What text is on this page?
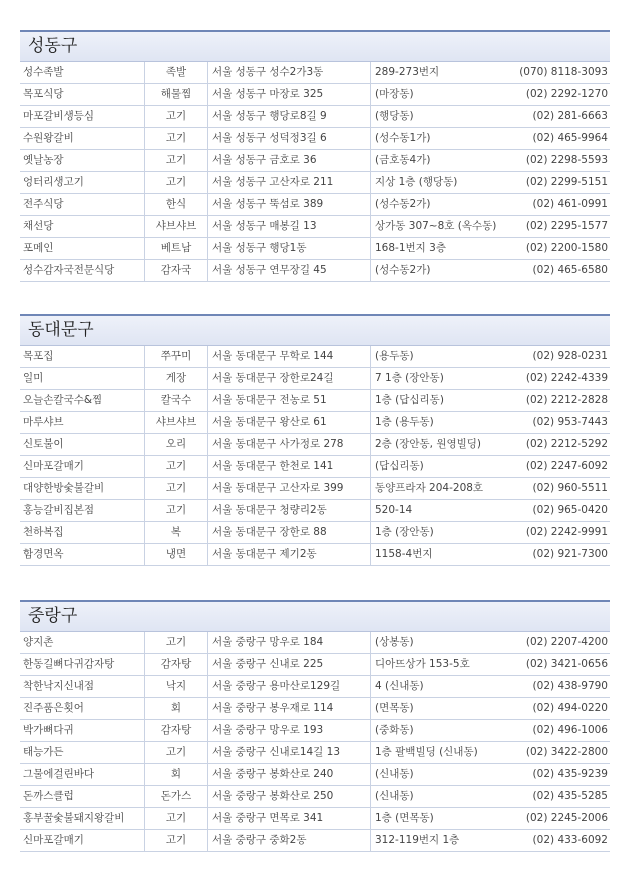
성동구
성수족발	족발	서울 성동구 성수2가3동	289-273번지	(070) 8118-3093
목포식당	해물찜	서울 성동구 마장로 325	(마장동)	(02) 2292-1270
마포갈비생등심	고기	서울 성동구 행당로8길 9	(행당동)	(02) 281-6663
수원왕갈비	고기	서울 성동구 성덕정3길 6	(성수동1가)	(02) 465-9964
옛날농장	고기	서울 성동구 금호로 36	(금호동4가)	(02) 2298-5593
엉터리생고기	고기	서울 성동구 고산자로 211	지상 1층 (행당동)	(02) 2299-5151
전주식당	한식	서울 성동구 뚝섬로 389	(성수동2가)	(02) 461-0991
채선당	샤브샤브	서울 성동구 매봉길 13	상가동 307~8호 (옥수동)	(02) 2295-1577
포메인	베트남	서울 성동구 행당1동	168-1번지 3층	(02) 2200-1580
성수감자국전문식당	감자국	서울 성동구 연무장길 45	(성수동2가)	(02) 465-6580
동대문구
목포집	쭈꾸미	서울 동대문구 무학로 144	(용두동)	(02) 928-0231
일미	게장	서울 동대문구 장한로24길	7 1층 (장안동)	(02) 2242-4339
오늘손칼국수&찜	칼국수	서울 동대문구 전농로 51	1층 (답십리동)	(02) 2212-2828
마루샤브	샤브샤브	서울 동대문구 왕산로 61	1층 (용두동)	(02) 953-7443
신토불이	오리	서울 동대문구 사가정로 278	2층 (장안동, 원영빌딩)	(02) 2212-5292
신마포갈매기	고기	서울 동대문구 한천로 141	(답십리동)	(02) 2247-6092
대양한방숯불갈비	고기	서울 동대문구 고산자로 399	동양프라자 204-208호	(02) 960-5511
홍능갈비집본점	고기	서울 동대문구 청량리2동	520-14	(02) 965-0420
천하복집	복	서울 동대문구 장한로 88	1층 (장안동)	(02) 2242-9991
함경면옥	냉면	서울 동대문구 제기2동	1158-4번지	(02) 921-7300
중랑구
양지촌	고기	서울 중랑구 망우로 184	(상봉동)	(02) 2207-4200
한동길뼈다귀감자탕	감자탕	서울 중랑구 신내로 225	디아뜨상가 153-5호	(02) 3421-0656
착한낙지신내점	낙지	서울 중랑구 용마산로129길	4 (신내동)	(02) 438-9790
진주품은횟어	회	서울 중랑구 봉우재로 114	(면목동)	(02) 494-0220
박가뼈다귀	감자탕	서울 중랑구 망우로 193	(중화동)	(02) 496-1006
태능가든	고기	서울 중랑구 신내로14길 13	1층 팔백빌딩 (신내동)	(02) 3422-2800
그물에걸린바다	회	서울 중랑구 봉화산로 240	(신내동)	(02) 435-9239
돈까스클럽	돈가스	서울 중랑구 봉화산로 250	(신내동)	(02) 435-5285
홍부꿀숯불돼지왕갈비	고기	서울 중랑구 면목로 341	1층 (면목동)	(02) 2245-2006
신마포갈매기	고기	서울 중랑구 중화2동	312-119번지 1층	(02) 433-6092
